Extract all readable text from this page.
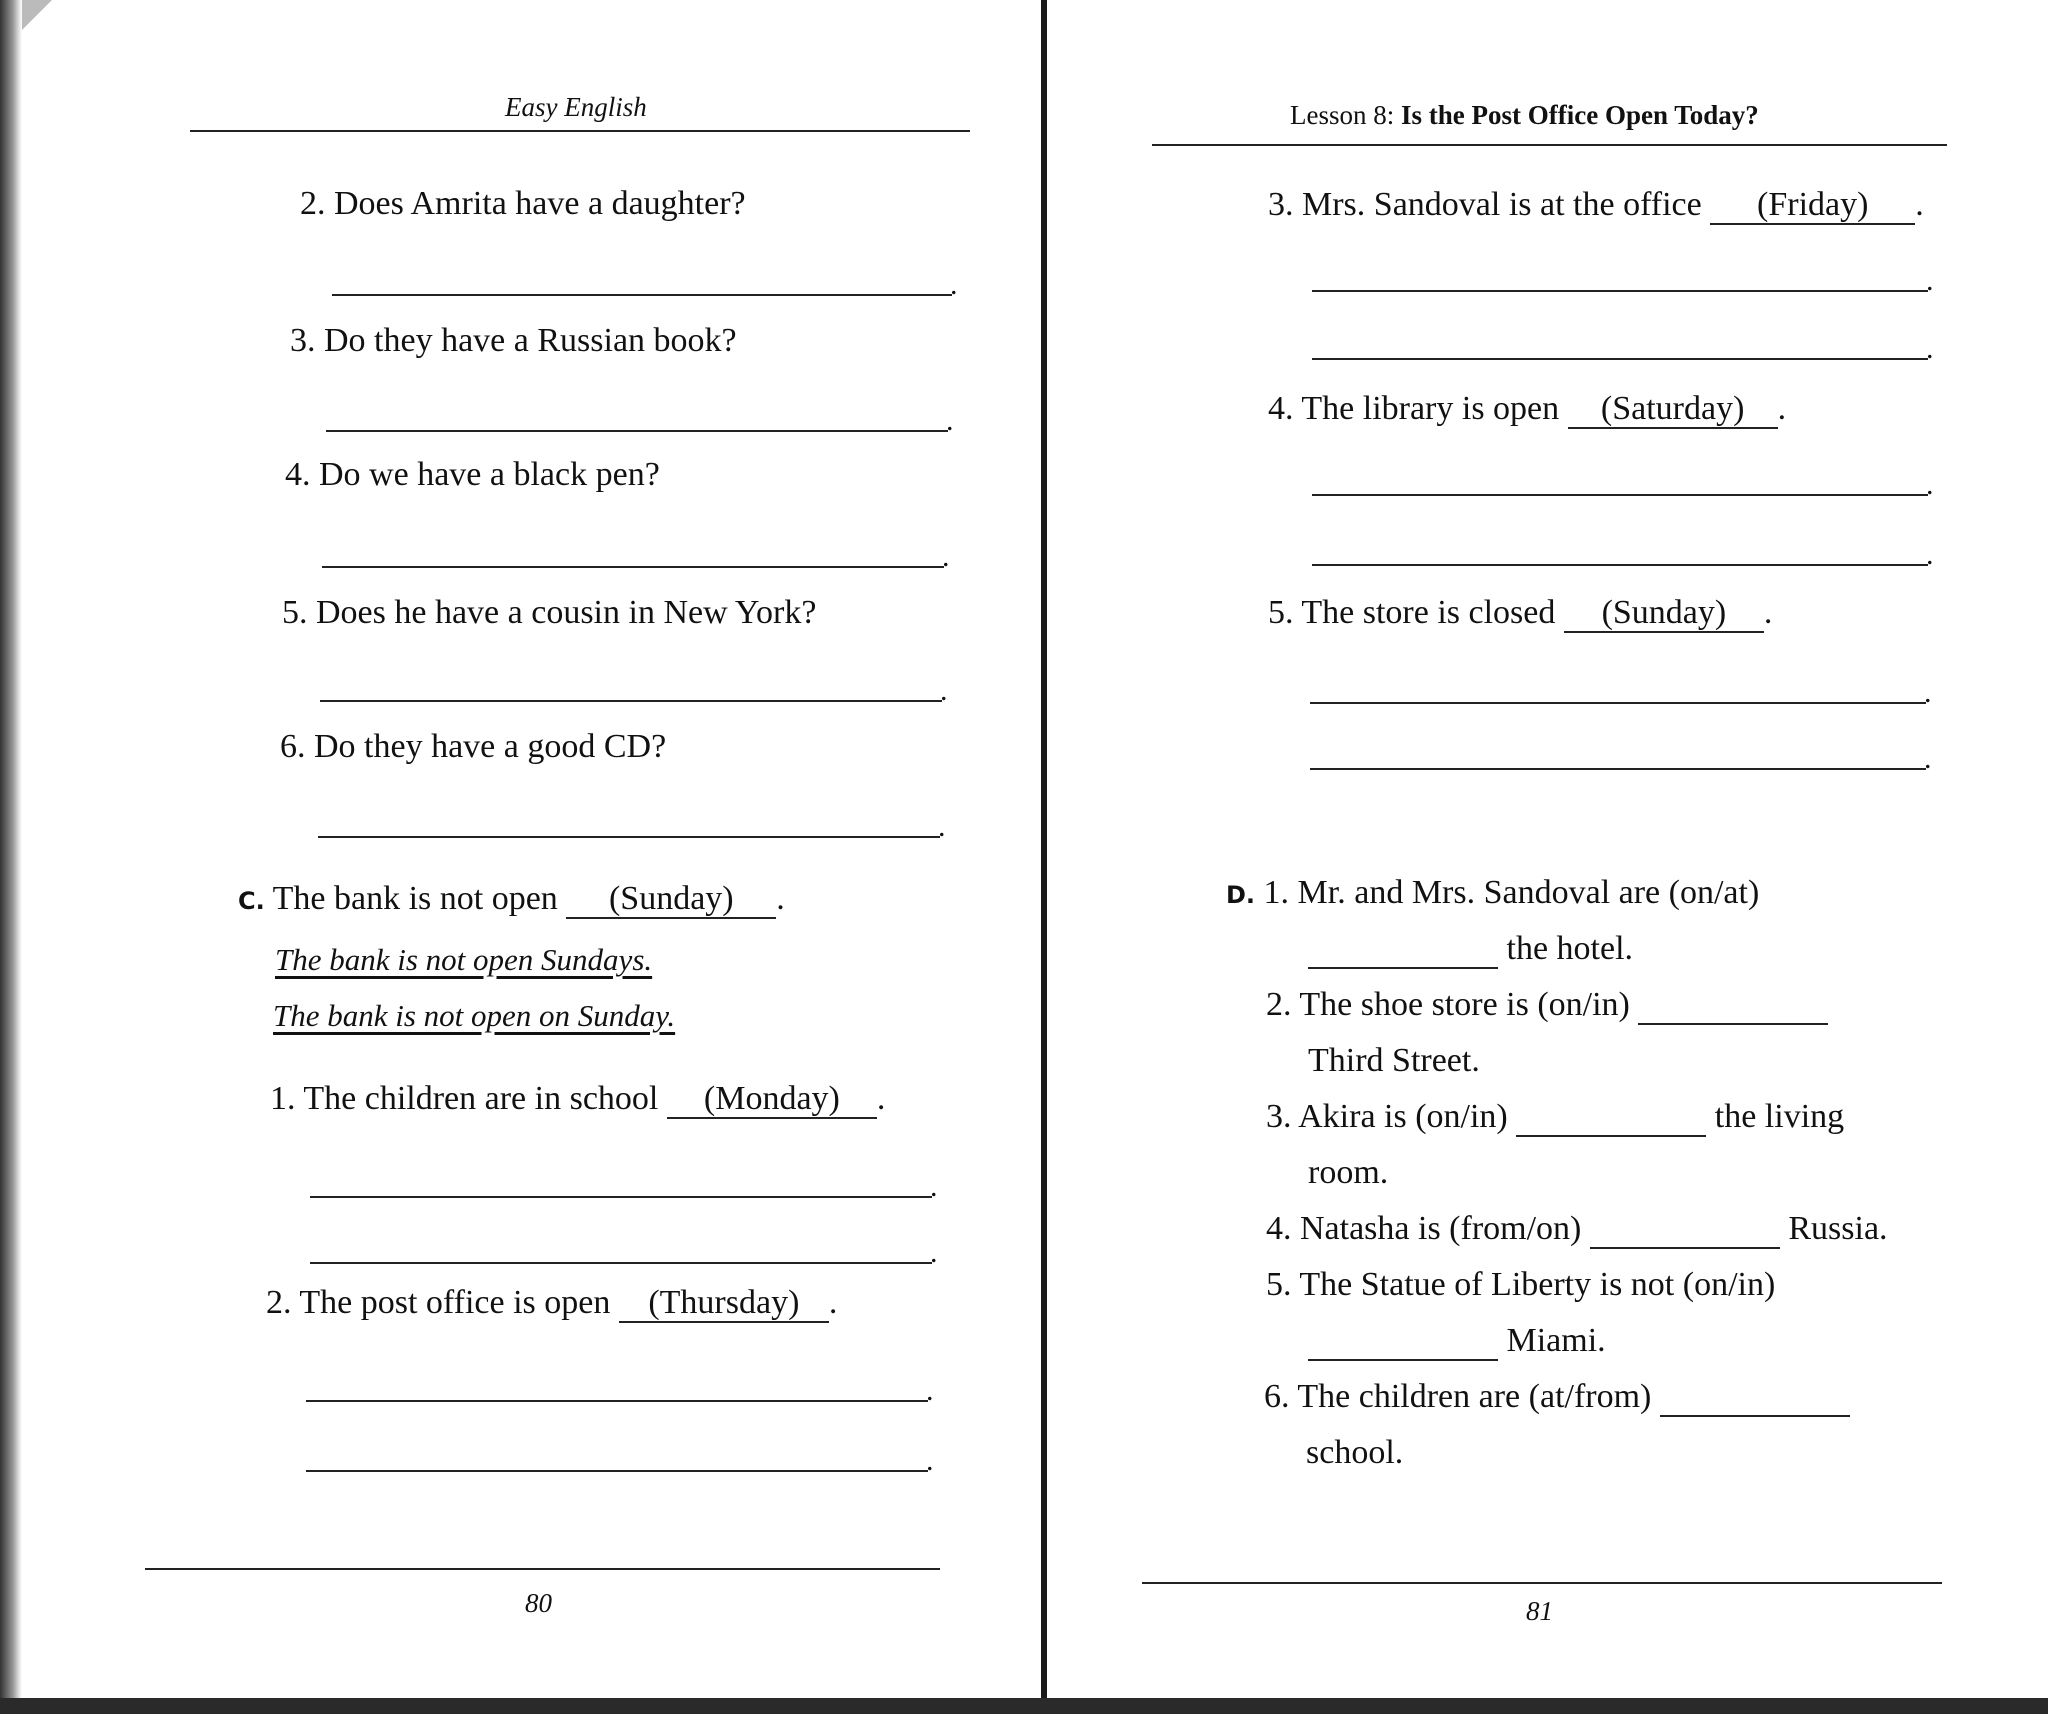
Easy English
2. Does Amrita have a daughter?
.
3. Do they have a Russian book?
.
4. Do we have a black pen?
.
5. Does he have a cousin in New York?
.
6. Do they have a good CD?
.
C. The bank is not open (Sunday) .
The bank is not open Sundays.
The bank is not open on Sunday.
1. The children are in school (Monday) .
.
.
2. The post office is open (Thursday) .
.
.
80
Lesson 8: Is the Post Office Open Today?
3. Mrs. Sandoval is at the office (Friday) .
.
.
4. The library is open (Saturday) .
.
.
5. The store is closed (Sunday) .
.
.
D. 1. Mr. and Mrs. Sandoval are (on/at)
the hotel.
2. The shoe store is (on/in)
Third Street.
3. Akira is (on/in)	the living
room.
4. Natasha is (from/on)	Russia.
5. The Statue of Liberty is not (on/in)
Miami.
6. The children are (at/from)
school.
81
